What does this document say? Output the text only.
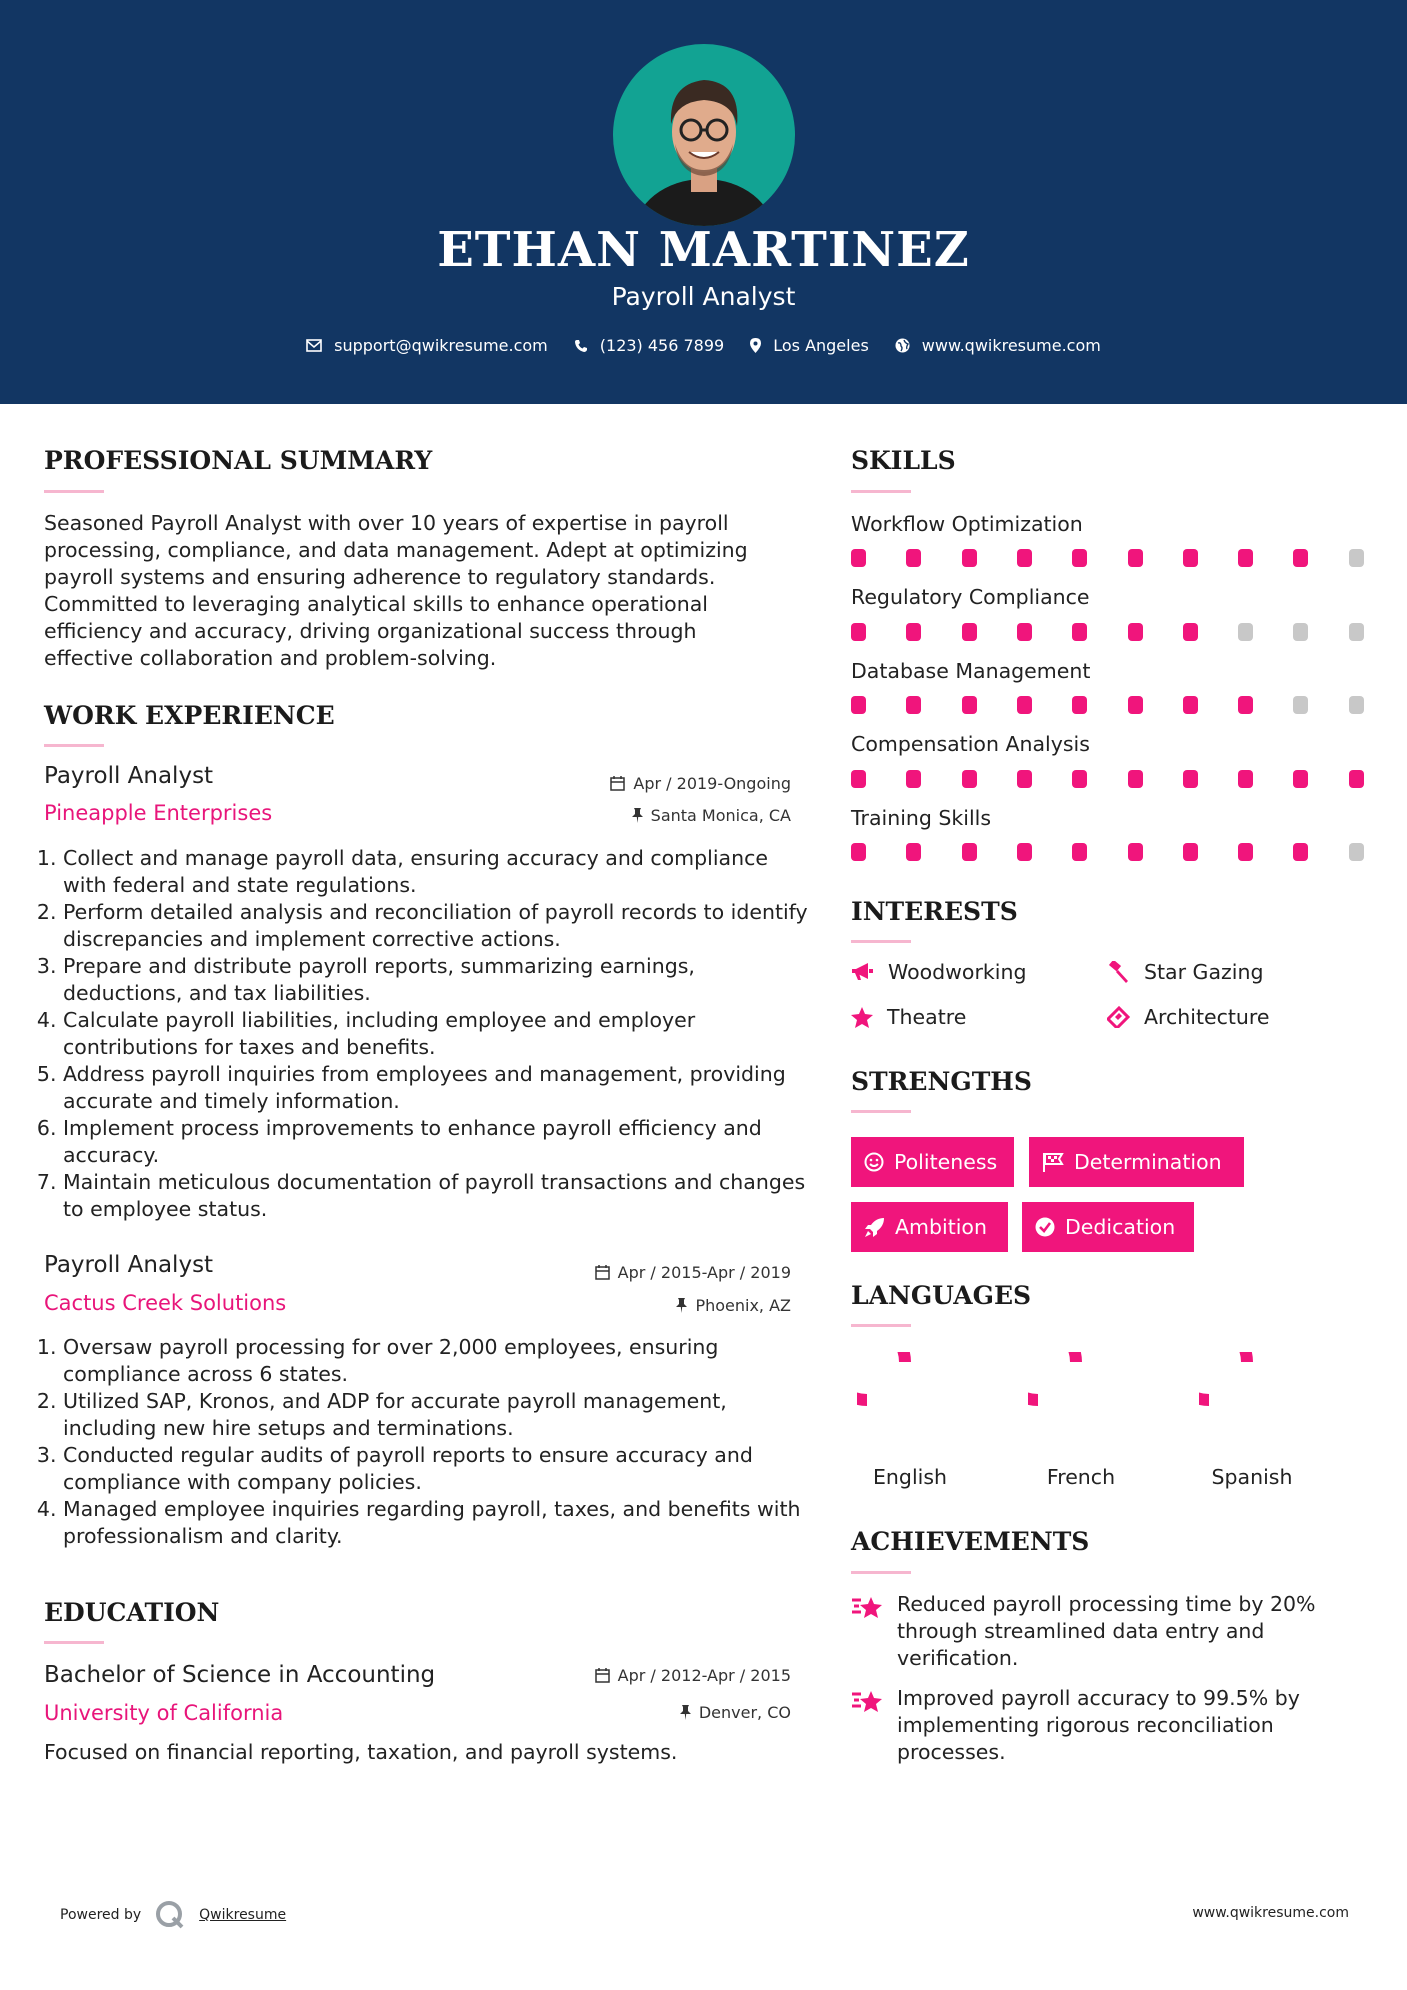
ETHAN MARTINEZ
Payroll Analyst
support@qwikresume.com	(123) 456 7899	Los Angeles	www.qwikresume.com
PROFESSIONAL SUMMARY
Seasoned Payroll Analyst with over 10 years of expertise in payroll processing, compliance, and data management. Adept at optimizing payroll systems and ensuring adherence to regulatory standards. Committed to leveraging analytical skills to enhance operational efficiency and accuracy, driving organizational success through effective collaboration and problem-solving.
WORK EXPERIENCE
Payroll Analyst
Pineapple Enterprises
Apr / 2019-Ongoing
Santa Monica, CA
1. Collect and manage payroll data, ensuring accuracy and compliance with federal and state regulations.
2. Perform detailed analysis and reconciliation of payroll records to identify discrepancies and implement corrective actions.
3. Prepare and distribute payroll reports, summarizing earnings, deductions, and tax liabilities.
4. Calculate payroll liabilities, including employee and employer contributions for taxes and benefits.
5. Address payroll inquiries from employees and management, providing accurate and timely information.
6. Implement process improvements to enhance payroll efficiency and accuracy.
7. Maintain meticulous documentation of payroll transactions and changes to employee status.
Payroll Analyst
Cactus Creek Solutions
Apr / 2015-Apr / 2019
Phoenix, AZ
1. Oversaw payroll processing for over 2,000 employees, ensuring compliance across 6 states.
2. Utilized SAP, Kronos, and ADP for accurate payroll management, including new hire setups and terminations.
3. Conducted regular audits of payroll reports to ensure accuracy and compliance with company policies.
4. Managed employee inquiries regarding payroll, taxes, and benefits with professionalism and clarity.
EDUCATION
Bachelor of Science in Accounting
University of California
Apr / 2012-Apr / 2015
Denver, CO
Focused on financial reporting, taxation, and payroll systems.
SKILLS
Workflow Optimization
Regulatory Compliance
Database Management
Compensation Analysis
Training Skills
INTERESTS
Woodworking	Star Gazing
Theatre	Architecture
STRENGTHS
Politeness	Determination
Ambition	Dedication
LANGUAGES
English	French	Spanish
ACHIEVEMENTS
Reduced payroll processing time by 20% through streamlined data entry and verification.
Improved payroll accuracy to 99.5% by implementing rigorous reconciliation processes.
Powered by	Qwikresume	www.qwikresume.com
